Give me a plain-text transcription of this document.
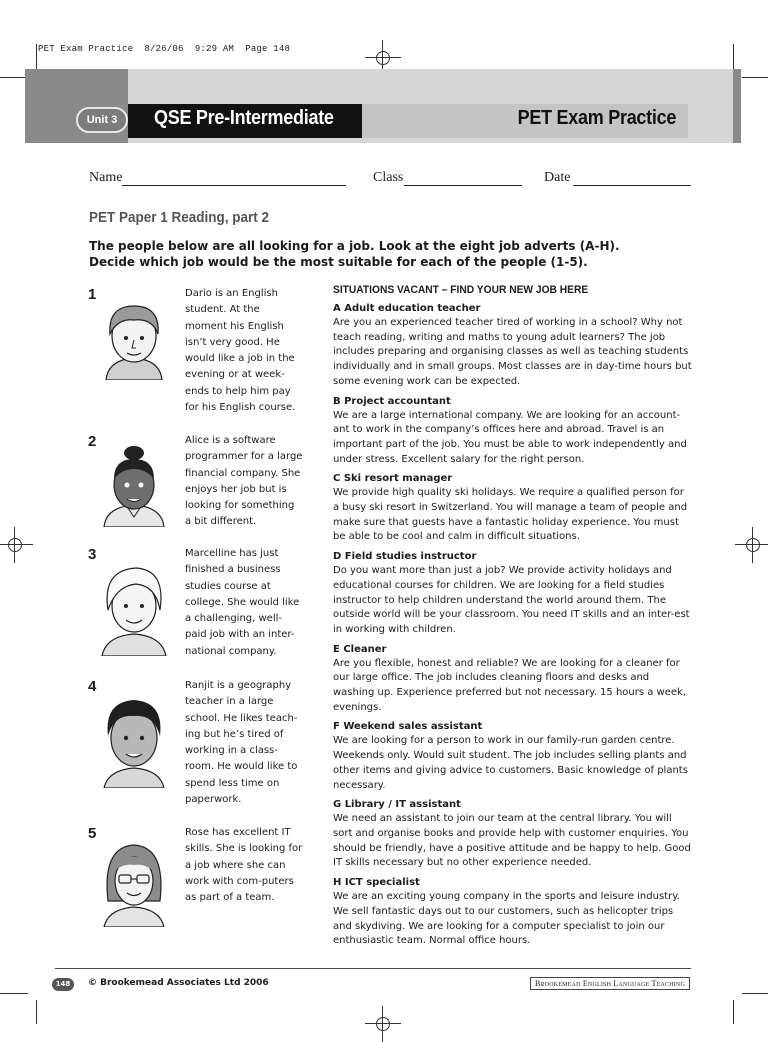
PET Exam Practice  8/26/06  9:29 AM  Page 148
Unit 3	QSE Pre-Intermediate	PET Exam Practice
Name	Class	Date
PET Paper 1 Reading, part 2
The people below are all looking for a job. Look at the eight job adverts (A-H).
Decide which job would be the most suitable for each of the people (1-5).
1	Dario is an English student. At the moment his English isn’t very good. He would like a job in the evening or at week-ends to help him pay for his English course.
2	Alice is a software programmer for a large financial company. She enjoys her job but is looking for something a bit different.
3	Marcelline has just finished a business studies course at college. She would like a challenging, well-paid job with an inter-national company.
4	Ranjit is a geography teacher in a large school. He likes teach-ing but he’s tired of working in a class-room. He would like to spend less time on paperwork.
5	Rose has excellent IT skills. She is looking for a job where she can work with com-puters as part of a team.
SITUATIONS VACANT – FIND YOUR NEW JOB HERE
A Adult education teacher
Are you an experienced teacher tired of working in a school? Why not teach reading, writing and maths to young adult learners? The job includes preparing and organising classes as well as teaching students individually and in small groups. Most classes are in day-time hours but some evening work can be expected.
B Project accountant
We are a large international company. We are looking for an account-ant to work in the company’s offices here and abroad. Travel is an important part of the job. You must be able to work independently and under stress. Excellent salary for the right person.
C Ski resort manager
We provide high quality ski holidays. We require a qualified person for a busy ski resort in Switzerland. You will manage a team of people and make sure that guests have a fantastic holiday experience. You must be able to be cool and calm in difficult situations.
D Field studies instructor
Do you want more than just a job? We provide activity holidays and educational courses for children. We are looking for a field studies instructor to help children understand the world around them. The outside world will be your classroom. You need IT skills and an inter-est in working with children.
E Cleaner
Are you flexible, honest and reliable? We are looking for a cleaner for our large office. The job includes cleaning floors and desks and washing up. Experience preferred but not necessary. 15 hours a week, evenings.
F Weekend sales assistant
We are looking for a person to work in our family-run garden centre. Weekends only. Would suit student. The job includes selling plants and other items and giving advice to customers. Basic knowledge of plants necessary.
G Library / IT assistant
We need an assistant to join our team at the central library. You will sort and organise books and provide help with customer enquiries. You should be friendly, have a positive attitude and be happy to help. Good IT skills necessary but no other experience needed.
H ICT specialist
We are an exciting young company in the sports and leisure industry. We sell fantastic days out to our customers, such as helicopter trips and skydiving. We are looking for a computer specialist to join our enthusiastic team. Normal office hours.
148	© Brookemead Associates Ltd 2006	Brookemead English Language Teaching
